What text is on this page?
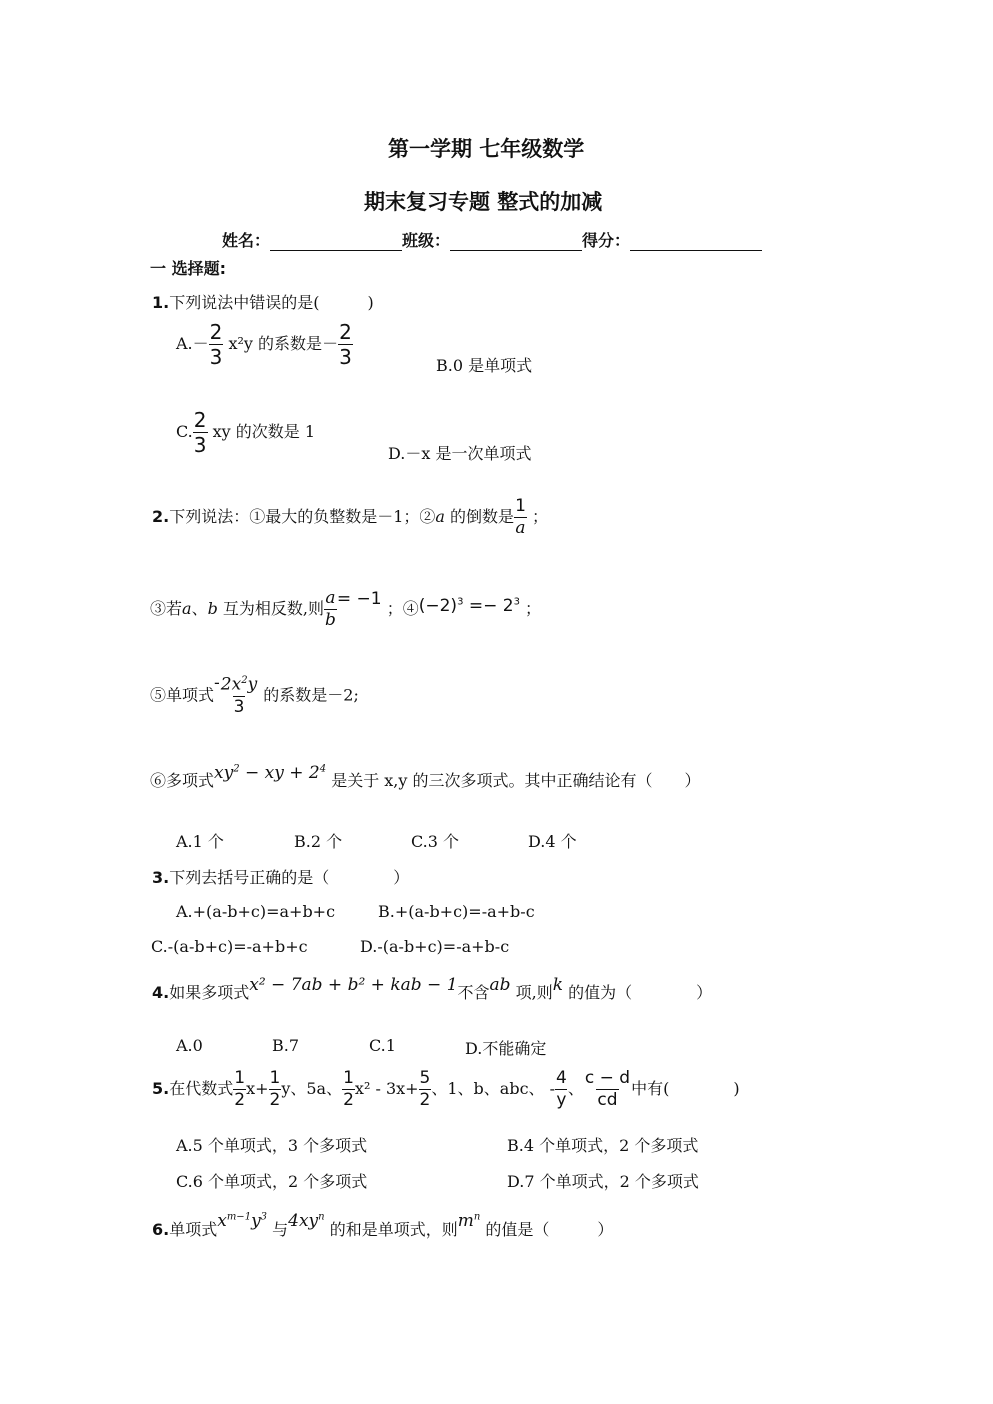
第一学期 七年级数学
期末复习专题 整式的加减
姓名：	班级：	得分：
一 选择题:
1.下列说法中错误的是(　　　)
$A.- \frac{2}{3} x^2y$ 的系数是－ $\frac{2}{3}$	B.0 是单项式
C. $\frac{2}{3}$ xy 的次数是 1
D.－x 是一次单项式
2.下列说法：①最大的负整数是－1；②a 的倒数是 $\frac{1}{a}$ ；
③若a、b 互为相反数,则 $\frac{a}{b} = -1$ ；$④(-2)^3 =- 2^3$ ；
⑤单项式- $\frac{2x^2y}{3}$ 的系数是－2;
⑥多项式$xy^2$ − xy + $2^4$ 是关于 x,y 的三次多项式。其中正确结论有（　　）
A.1 个	B.2 个	C.3 个	D.4 个
3.下列去括号正确的是（　　　　）
A.+(a-b+c)=a+b+c	B.+(a-b+c)=-a+b-c
C.-(a-b+c)=-a+b+c	D.-(a-b+c)=-a+b-c
4.如果多项式x² − 7ab + b² + kab − 1不含ab 项,则k 的值为（　　　　）
A.0	B.7	C.1	D.不能确定
5.在代数式 $\frac{1}{2} x+ \frac{1}{2}$ y、5a、 $\frac{1}{2} x^2 - 3x+ \frac{5}{2}$ 、1、b、abc、 - $\frac{4}{y}$ 、 $\frac{c - d}{cd}$ 中有(　　　　)
A.5 个单项式，3 个多项式	B.4 个单项式，2 个多项式
C.6 个单项式，2 个多项式	D.7 个单项式，2 个多项式
6.单项式$x^{m-1}y^3$ 与$4xy^n$ 的和是单项式，则$m^n$ 的值是（　　　）
